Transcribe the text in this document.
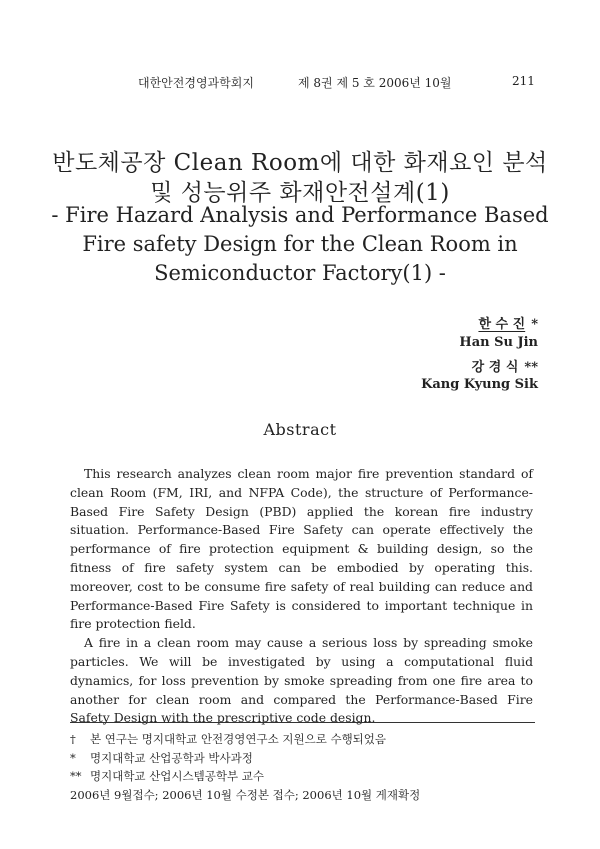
대한안전경영과학회지	제 8권 제 5 호 2006년 10월	211
반도체공장 Clean Room에 대한 화재요인 분석
및 성능위주 화재안전설계(1)
- Fire Hazard Analysis and Performance Based
Fire safety Design for the Clean Room in
Semiconductor Factory(1) -
한 수 진 *
Han Su Jin
강 경 식 **
Kang Kyung Sik
Abstract

This research analyzes clean room major fire prevention standard of clean Room (FM, IRI, and NFPA Code), the structure of Performance-Based Fire Safety Design (PBD) applied the korean fire industry situation. Performance-Based Fire Safety can operate effectively the performance of fire protection equipment & building design, so the fitness of fire safety system can be embodied by operating this. moreover, cost to be consume fire safety of real building can reduce and Performance-Based Fire Safety is considered to important technique in fire protection field.

A fire in a clean room may cause a serious loss by spreading smoke particles. We will be investigated by using a computational fluid dynamics, for loss prevention by smoke spreading from one fire area to another for clean room and compared the Performance-Based Fire Safety Design with the prescriptive code design.

† 본 연구는 명지대학교 안전경영연구소 지원으로 수행되었음
* 명지대학교 산업공학과 박사과정
** 명지대학교 산업시스템공학부 교수
2006년 9월접수; 2006년 10월 수정본 접수; 2006년 10월 게재확정
